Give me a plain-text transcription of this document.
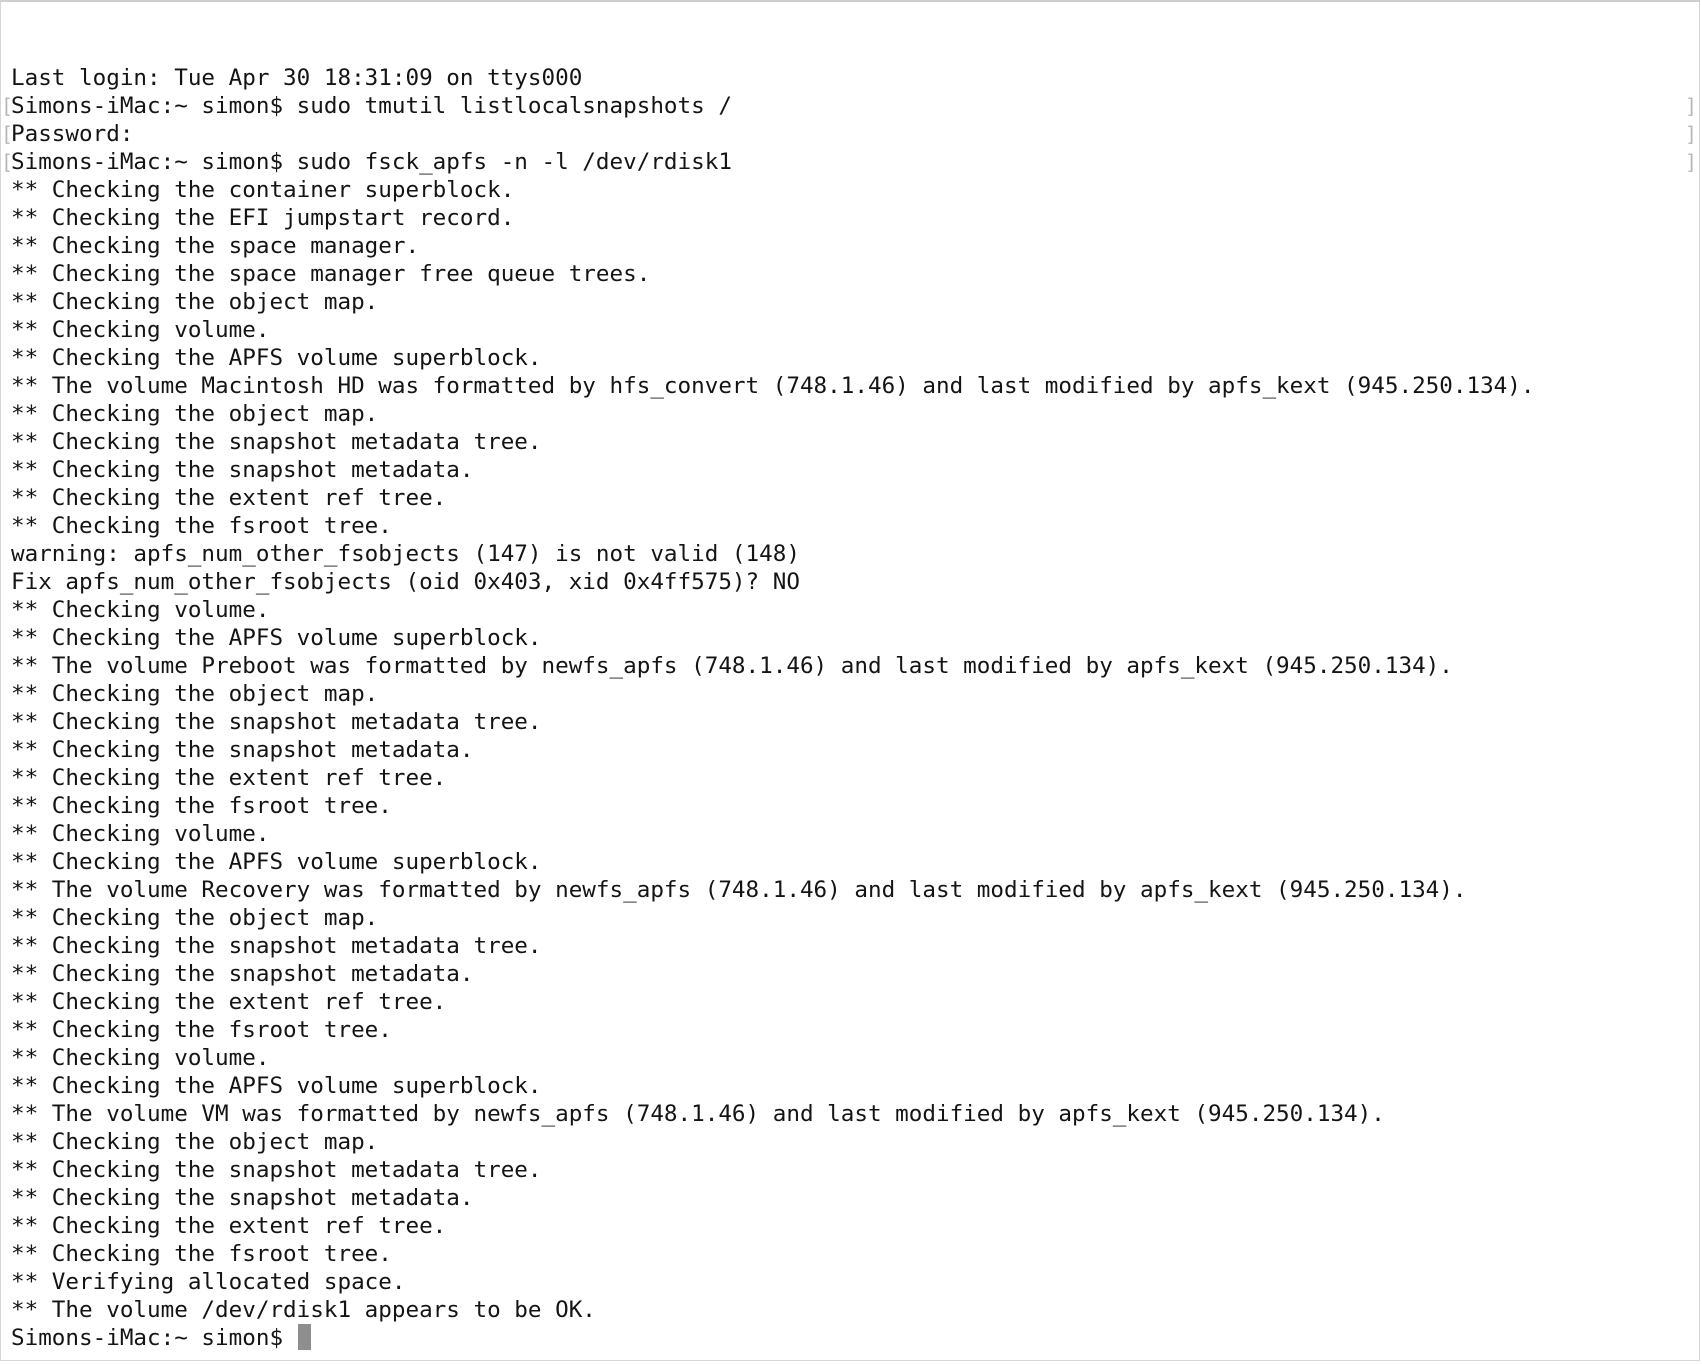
Last login: Tue Apr 30 18:31:09 on ttys000
[ Simons-iMac:~ simon$ sudo tmutil listlocalsnapshots / ]
[ Password: ]
[ Simons-iMac:~ simon$ sudo fsck_apfs -n -l /dev/rdisk1 ]
** Checking the container superblock.
** Checking the EFI jumpstart record.
** Checking the space manager.
** Checking the space manager free queue trees.
** Checking the object map.
** Checking volume.
** Checking the APFS volume superblock.
** The volume Macintosh HD was formatted by hfs_convert (748.1.46) and last modified by apfs_kext (945.250.134).
** Checking the object map.
** Checking the snapshot metadata tree.
** Checking the snapshot metadata.
** Checking the extent ref tree.
** Checking the fsroot tree.
warning: apfs_num_other_fsobjects (147) is not valid (148)
Fix apfs_num_other_fsobjects (oid 0x403, xid 0x4ff575)? NO
** Checking volume.
** Checking the APFS volume superblock.
** The volume Preboot was formatted by newfs_apfs (748.1.46) and last modified by apfs_kext (945.250.134).
** Checking the object map.
** Checking the snapshot metadata tree.
** Checking the snapshot metadata.
** Checking the extent ref tree.
** Checking the fsroot tree.
** Checking volume.
** Checking the APFS volume superblock.
** The volume Recovery was formatted by newfs_apfs (748.1.46) and last modified by apfs_kext (945.250.134).
** Checking the object map.
** Checking the snapshot metadata tree.
** Checking the snapshot metadata.
** Checking the extent ref tree.
** Checking the fsroot tree.
** Checking volume.
** Checking the APFS volume superblock.
** The volume VM was formatted by newfs_apfs (748.1.46) and last modified by apfs_kext (945.250.134).
** Checking the object map.
** Checking the snapshot metadata tree.
** Checking the snapshot metadata.
** Checking the extent ref tree.
** Checking the fsroot tree.
** Verifying allocated space.
** The volume /dev/rdisk1 appears to be OK.
Simons-iMac:~ simon$
